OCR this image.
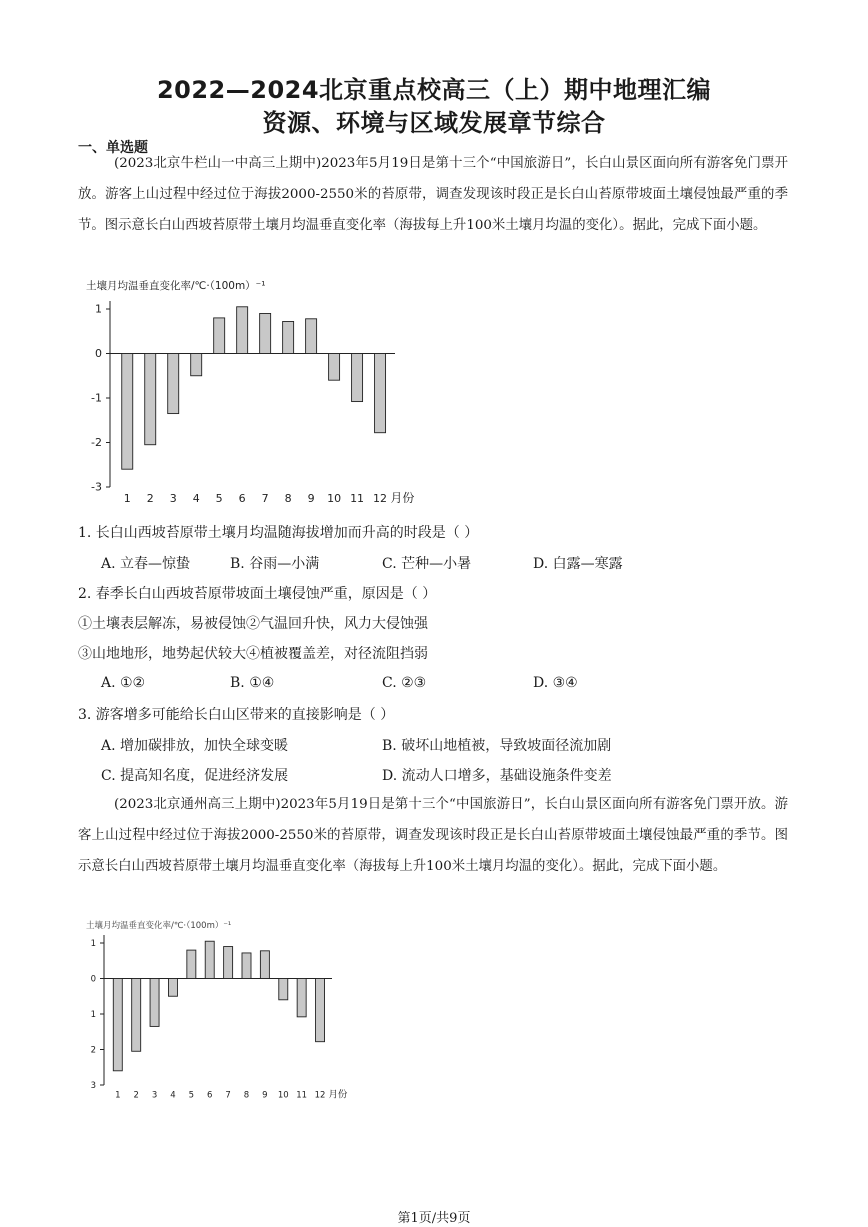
2022—2024北京重点校高三（上）期中地理汇编
资源、环境与区域发展章节综合
一、单选题
(2023北京牛栏山一中高三上期中)2023年5月19日是第十三个“中国旅游日”，长白山景区面向所有游客免门票开放。游客上山过程中经过位于海拔2000-2550米的苔原带，调查发现该时段正是长白山苔原带坡面土壤侵蚀最严重的季节。图示意长白山西坡苔原带土壤月均温垂直变化率（海拔每上升100米土壤月均温的变化）。据此，完成下面小题。
土壤月均温垂直变化率/℃·（100m）⁻¹
1
0
-1
-2
-3
1 2 3 4 5 6 7 8 9 10 11 12 月份
1. 长白山西坡苔原带土壤月均温随海拔增加而升高的时段是（ ）
A. 立春—惊蛰	B. 谷雨—小满	C. 芒种—小暑	D. 白露—寒露
2. 春季长白山西坡苔原带坡面土壤侵蚀严重，原因是（ ）
①土壤表层解冻，易被侵蚀②气温回升快，风力大侵蚀强
③山地地形，地势起伏较大④植被覆盖差，对径流阻挡弱
A. ①②	B. ①④	C. ②③	D. ③④
3. 游客增多可能给长白山区带来的直接影响是（ ）
A. 增加碳排放，加快全球变暖	B. 破坏山地植被，导致坡面径流加剧
C. 提高知名度，促进经济发展	D. 流动人口增多，基础设施条件变差
(2023北京通州高三上期中)2023年5月19日是第十三个“中国旅游日”，长白山景区面向所有游客免门票开放。游客上山过程中经过位于海拔2000-2550米的苔原带，调查发现该时段正是长白山苔原带坡面土壤侵蚀最严重的季节。图示意长白山西坡苔原带土壤月均温垂直变化率（海拔每上升100米土壤月均温的变化）。据此，完成下面小题。
土壤月均温垂直变化率/℃·（100m）⁻¹
1
0
1
2
3
1 2 3 4 5 6 7 8 9 10 11 12 月份
第1页/共9页
